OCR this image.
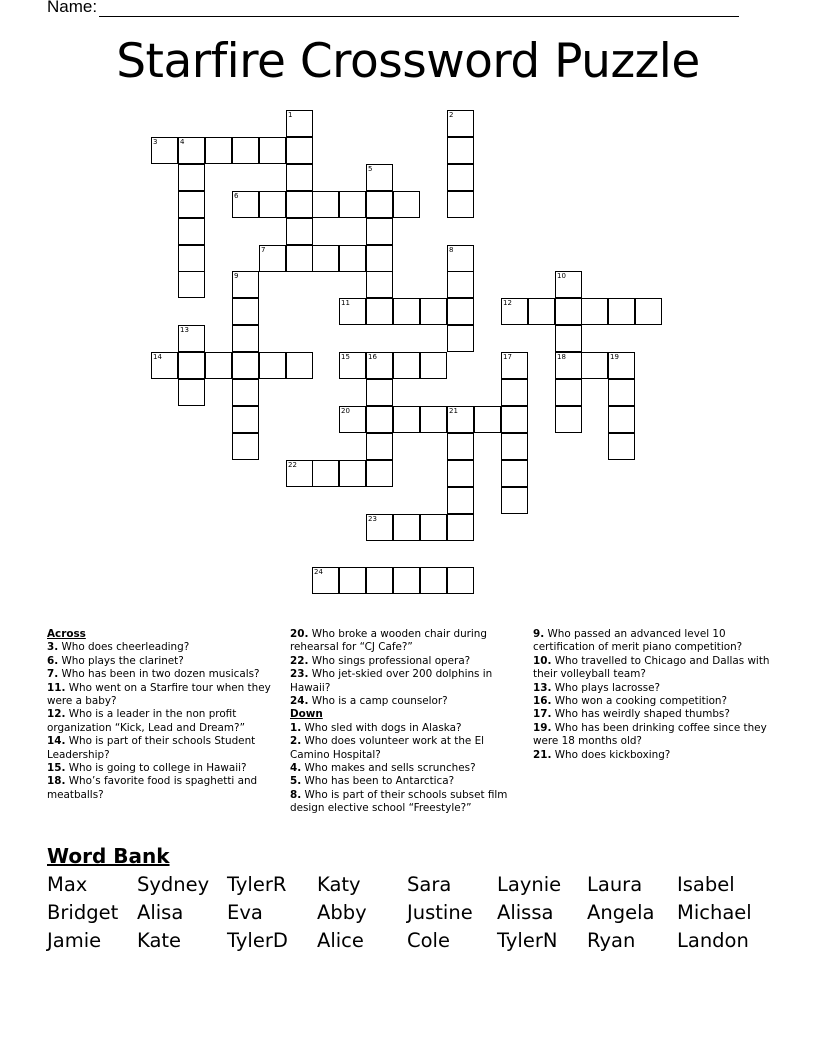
Name:
Starfire Crossword Puzzle
1	2
3	4
5
6
7	8
9	10
11	12
13
14	15	16	17	18	19
20	21
22
23
24
Across
3. Who does cheerleading?
6. Who plays the clarinet?
7. Who has been in two dozen musicals?
11. Who went on a Starfire tour when they were a baby?
12. Who is a leader in the non profit organization “Kick, Lead and Dream?”
14. Who is part of their schools Student Leadership?
15. Who is going to college in Hawaii?
18. Who’s favorite food is spaghetti and meatballs?
20. Who broke a wooden chair during rehearsal for “CJ Cafe?”
22. Who sings professional opera?
23. Who jet-skied over 200 dolphins in Hawaii?
24. Who is a camp counselor?
Down
1. Who sled with dogs in Alaska?
2. Who does volunteer work at the El Camino Hospital?
4. Who makes and sells scrunches?
5. Who has been to Antarctica?
8. Who is part of their schools subset film design elective school “Freestyle?”
9. Who passed an advanced level 10 certification of merit piano competition?
10. Who travelled to Chicago and Dallas with their volleyball team?
13. Who plays lacrosse?
16. Who won a cooking competition?
17. Who has weirdly shaped thumbs?
19. Who has been drinking coffee since they were 18 months old?
21. Who does kickboxing?
Word Bank
Max	Sydney TylerR Katy Sara Laynie Laura Isabel
Bridget Alisa Eva	Abby Justine Alissa Angela Michael
Jamie Kate TylerD Alice Cole TylerN Ryan Landon
